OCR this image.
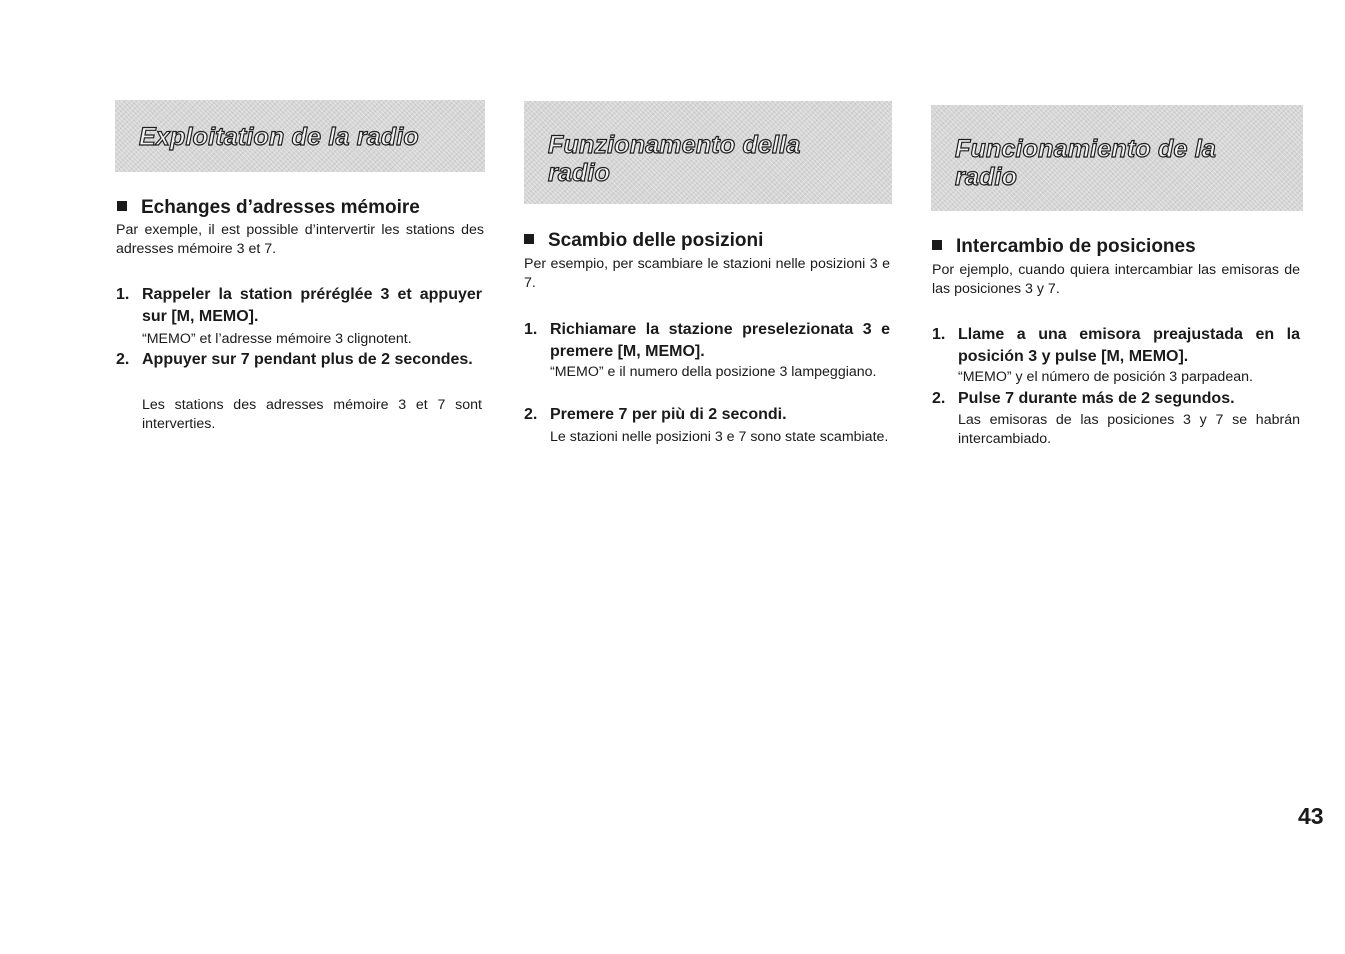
Exploitation de la radio

Echanges d’adresses mémoire

Par exemple, il est possible d’intervertir les stations des adresses mémoire 3 et 7.

1. Rappeler la station préréglée 3 et appuyer sur [M, MEMO].

“MEMO” et l’adresse mémoire 3 clignotent.

2. Appuyer sur 7 pendant plus de 2 secondes.

Les stations des adresses mémoire 3 et 7 sont interverties.

Funzionamento della radio

Scambio delle posizioni

Per esempio, per scambiare le stazioni nelle posizioni 3 e 7.

1. Richiamare la stazione preselezionata 3 e premere [M, MEMO].

“MEMO” e il numero della posizione 3 lampeggiano.

2. Premere 7 per più di 2 secondi.

Le stazioni nelle posizioni 3 e 7 sono state scambiate.

Funcionamiento de la radio

Intercambio de posiciones

Por ejemplo, cuando quiera intercambiar las emisoras de las posiciones 3 y 7.

1. Llame a una emisora preajustada en la posición 3 y pulse [M, MEMO].

“MEMO” y el número de posición 3 parpadean.

2. Pulse 7 durante más de 2 segundos.

Las emisoras de las posiciones 3 y 7 se habrán intercambiado.

43
